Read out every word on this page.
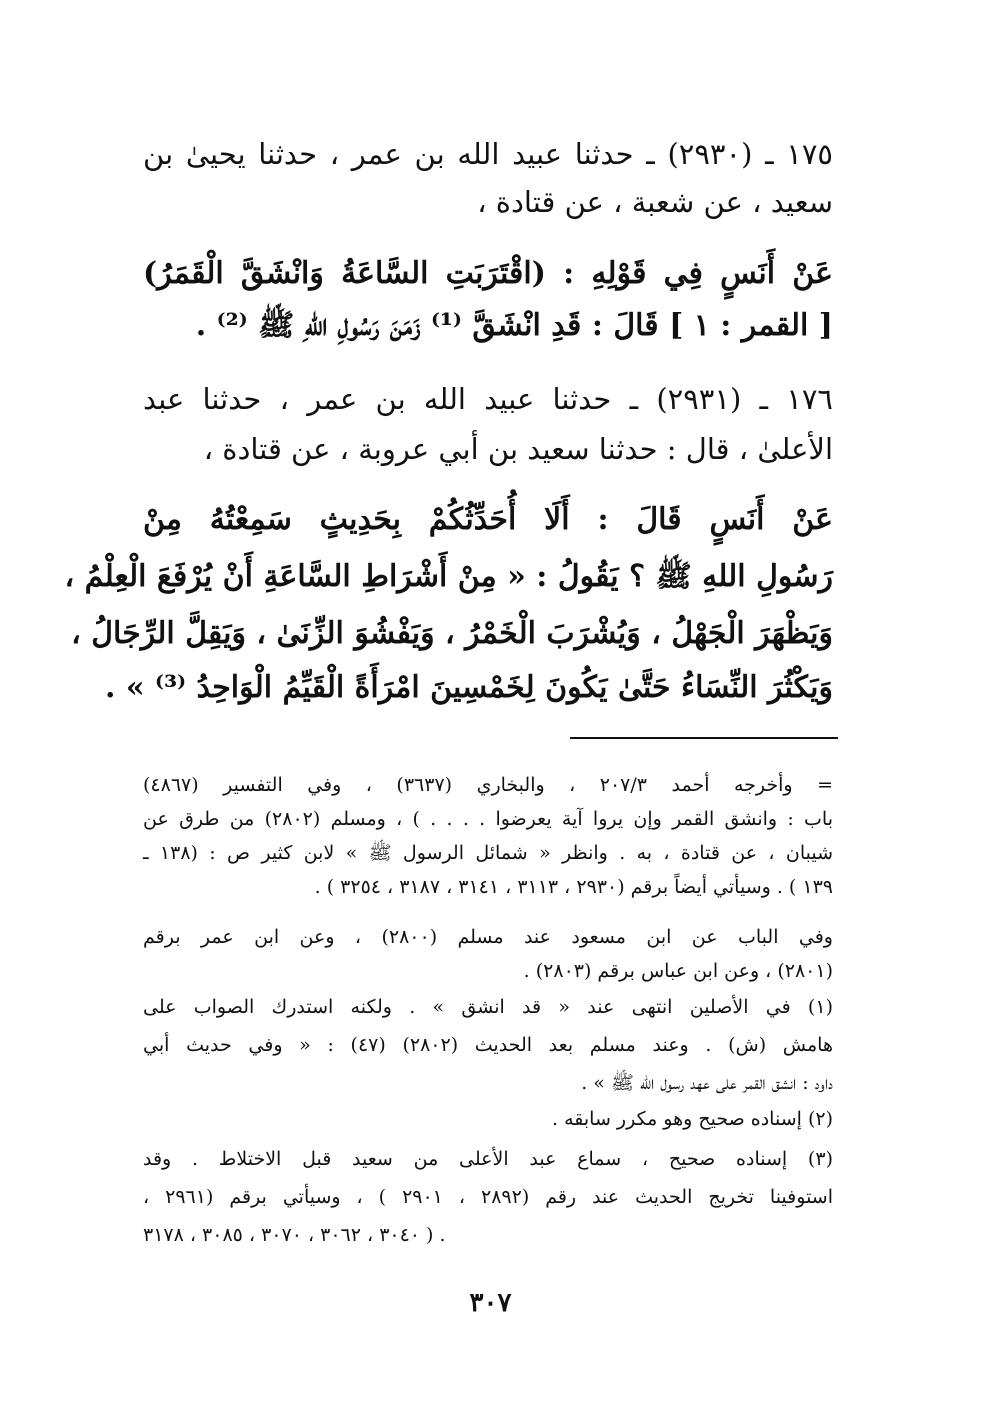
١٧٥ ـ (٢٩٣٠) ـ حدثنا عبيد الله بن عمر ، حدثنا يحيىٰ بن
سعيد ، عن شعبة ، عن قتادة ،
عَنْ أَنَسٍ فِي قَوْلِهِ : (اقْتَرَبَتِ السَّاعَةُ وَانْشَقَّ الْقَمَرُ)
[ القمر : ١ ] قَالَ : قَدِ انْشَقَّ ⁽¹⁾ زَمَنَ رَسُولِ اللهِ ﷺ ⁽²⁾ .
١٧٦ ـ (٢٩٣١) ـ حدثنا عبيد الله بن عمر ، حدثنا عبد
الأعلىٰ ، قال : حدثنا سعيد بن أبي عروبة ، عن قتادة ،
عَنْ أَنَسٍ قَالَ : أَلَا أُحَدِّثُكُمْ بِحَدِيثٍ سَمِعْتُهُ مِنْ
رَسُولِ اللهِ ﷺ ؟ يَقُولُ : « مِنْ أَشْرَاطِ السَّاعَةِ أَنْ يُرْفَعَ الْعِلْمُ ،
وَيَظْهَرَ الْجَهْلُ ، وَيُشْرَبَ الْخَمْرُ ، وَيَفْشُوَ الزِّنَىٰ ، وَيَقِلَّ الرِّجَالُ ،
وَيَكْثُرَ النِّسَاءُ حَتَّىٰ يَكُونَ لِخَمْسِينَ امْرَأَةً الْقَيِّمُ الْوَاحِدُ ⁽³⁾ » .
= وأخرجه أحمد ٢٠٧/٣ ، والبخاري (٣٦٣٧) ، وفي التفسير (٤٨٦٧)
باب : وانشق القمر وإن يروا آية يعرضوا . . . . ) ، ومسلم (٢٨٠٢) من طرق عن
شيبان ، عن قتادة ، به . وانظر « شمائل الرسول ﷺ » لابن كثير ص : (١٣٨ ـ
١٣٩ ) . وسيأتي أيضاً برقم (٢٩٣٠ ، ٣١١٣ ، ٣١٤١ ، ٣١٨٧ ، ٣٢٥٤ ) .
وفي الباب عن ابن مسعود عند مسلم (٢٨٠٠) ، وعن ابن عمر برقم
(٢٨٠١) ، وعن ابن عباس برقم (٢٨٠٣) .
(١) في الأصلين انتهى عند « قد انشق » . ولكنه استدرك الصواب على
هامش (ش) . وعند مسلم بعد الحديث (٢٨٠٢) (٤٧) : « وفي حديث أبي
داود : انشق القمر على عهد رسول الله ﷺ » .
(٢) إسناده صحيح وهو مكرر سابقه .
(٣) إسناده صحيح ، سماع عبد الأعلى من سعيد قبل الاختلاط . وقد
استوفينا تخريج الحديث عند رقم (٢٨٩٢ ، ٢٩٠١ ) ، وسيأتي برقم (٢٩٦١ ،
٣٠٤٠ ، ٣٠٦٢ ، ٣٠٧٠ ، ٣٠٨٥ ، ٣١٧٨ ) .
٣٠٧
